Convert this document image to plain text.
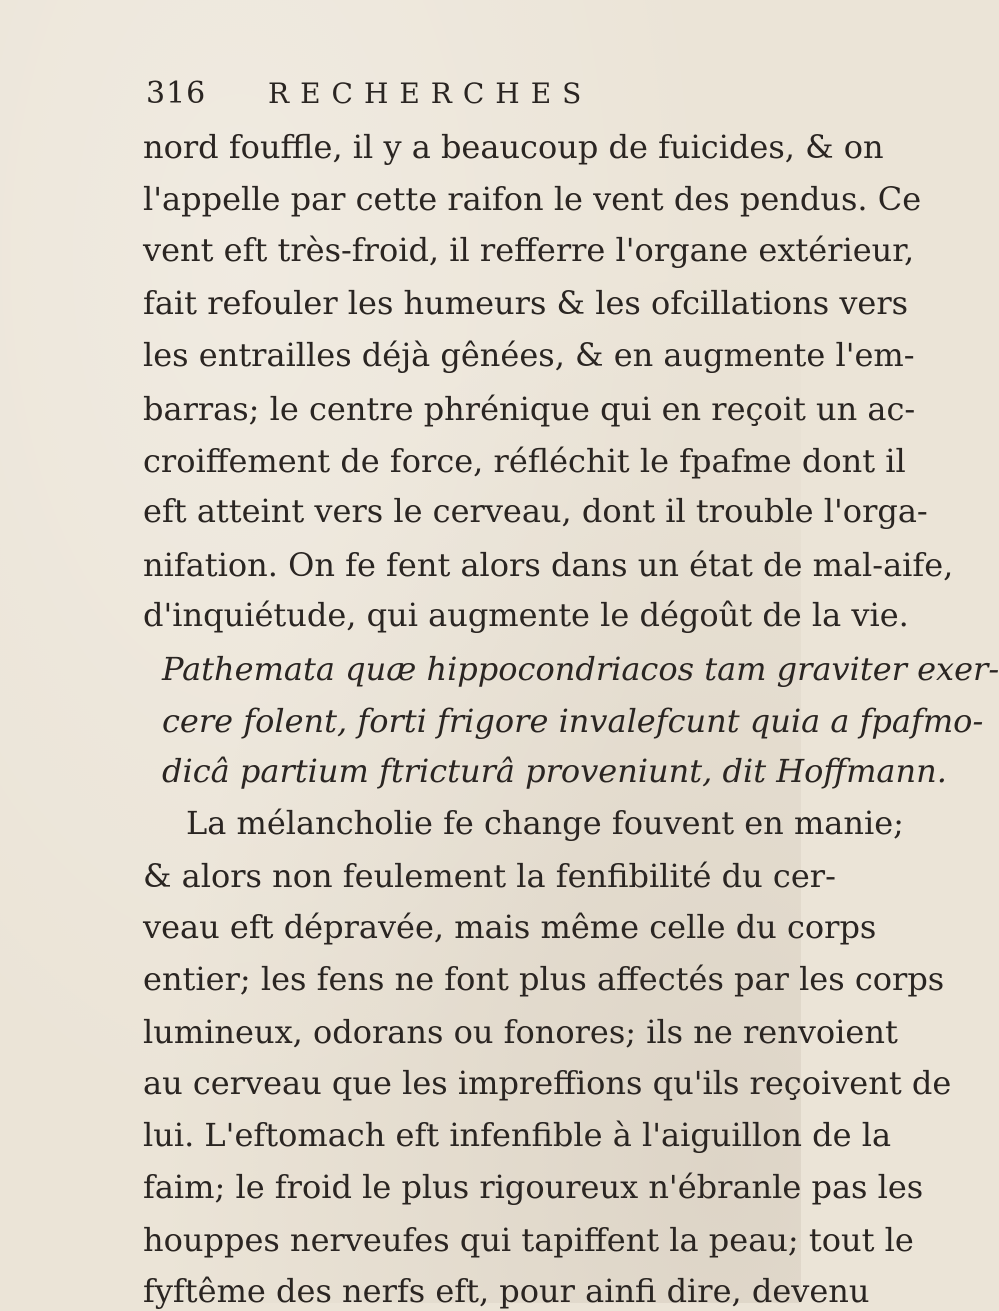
316 RECHERCHES
nord fouffle, il y a beaucoup de fuicides, & on
l'appelle par cette raifon le vent des pendus. Ce
vent eft très-froid, il refferre l'organe extérieur,
fait refouler les humeurs & les ofcillations vers
les entrailles déjà gênées, & en augmente l'em-
barras; le centre phrénique qui en reçoit un ac-
croiffement de force, réfléchit le fpafme dont il
eft atteint vers le cerveau, dont il trouble l'orga-
nifation. On fe fent alors dans un état de mal-aife,
d'inquiétude, qui augmente le dégoût de la vie.
Pathemata quæ hippocondriacos tam graviter exer-
cere folent, forti frigore invalefcunt quia a fpafmo-
dicâ partium ftricturâ proveniunt, dit Hoffmann.
La mélancholie fe change fouvent en manie;
& alors non feulement la fenfibilité du cer-
veau eft dépravée, mais même celle du corps
entier; les fens ne font plus affectés par les corps
lumineux, odorans ou fonores; ils ne renvoient
au cerveau que les impreffions qu'ils reçoivent de
lui. L'eftomach eft infenfible à l'aiguillon de la
faim; le froid le plus rigoureux n'ébranle pas les
houppes nerveufes qui tapiffent la peau; tout le
fyftême des nerfs eft, pour ainfi dire, devenu
